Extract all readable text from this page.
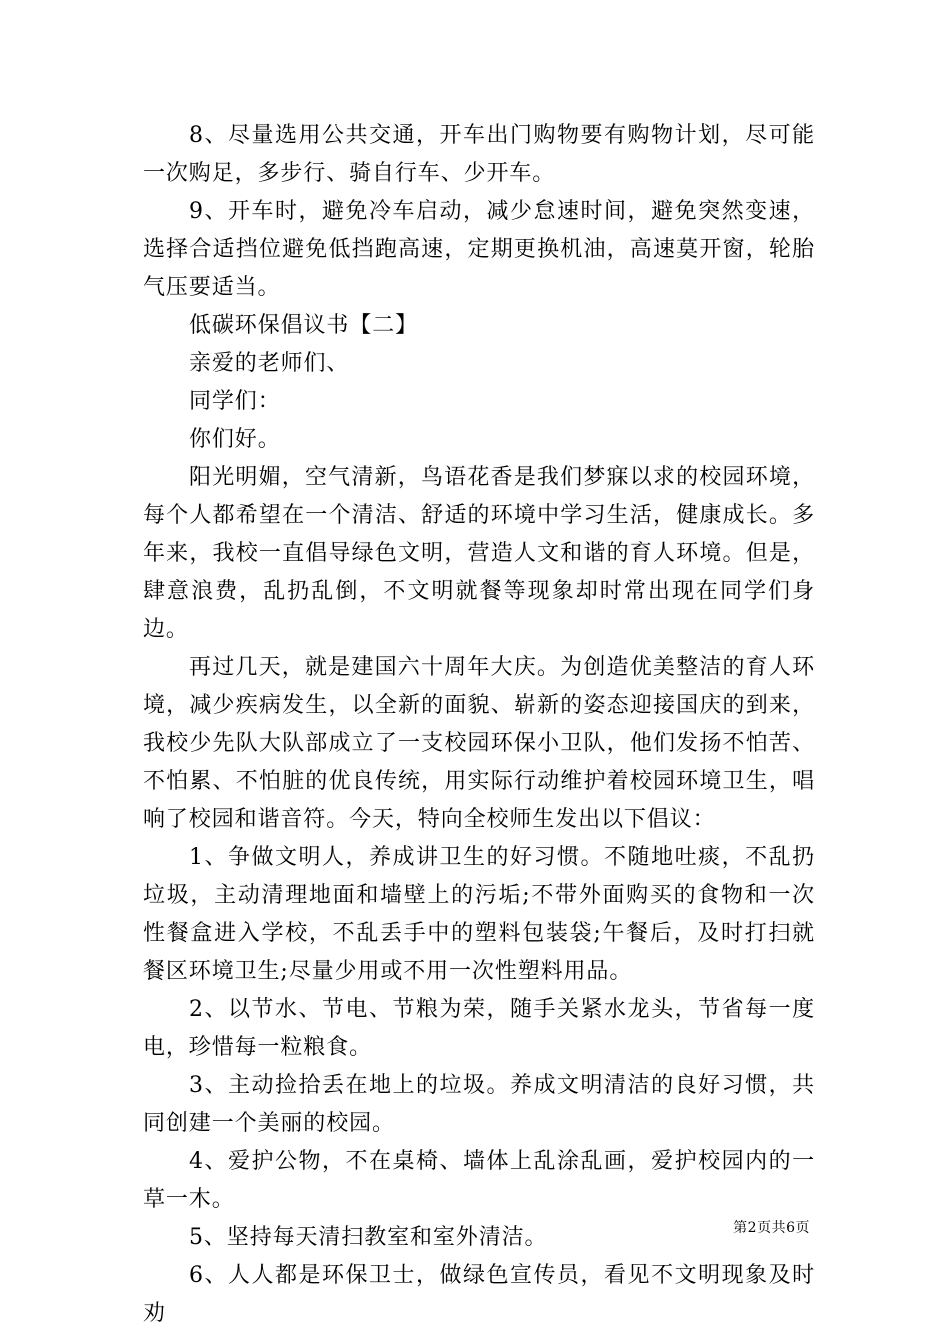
8、尽量选用公共交通，开车出门购物要有购物计划，尽可能一次购足，多步行、骑自行车、少开车。

9、开车时，避免冷车启动，减少怠速时间，避免突然变速，选择合适挡位避免低挡跑高速，定期更换机油，高速莫开窗，轮胎气压要适当。

低碳环保倡议书【二】

亲爱的老师们、

同学们：

你们好。

阳光明媚，空气清新，鸟语花香是我们梦寐以求的校园环境，每个人都希望在一个清洁、舒适的环境中学习生活，健康成长。多年来，我校一直倡导绿色文明，营造人文和谐的育人环境。但是，肆意浪费，乱扔乱倒，不文明就餐等现象却时常出现在同学们身边。

再过几天，就是建国六十周年大庆。为创造优美整洁的育人环境，减少疾病发生，以全新的面貌、崭新的姿态迎接国庆的到来，我校少先队大队部成立了一支校园环保小卫队，他们发扬不怕苦、不怕累、不怕脏的优良传统，用实际行动维护着校园环境卫生，唱响了校园和谐音符。今天，特向全校师生发出以下倡议：

1、争做文明人，养成讲卫生的好习惯。不随地吐痰，不乱扔垃圾，主动清理地面和墙壁上的污垢;不带外面购买的食物和一次性餐盒进入学校，不乱丢手中的塑料包装袋;午餐后，及时打扫就餐区环境卫生;尽量少用或不用一次性塑料用品。

2、以节水、节电、节粮为荣，随手关紧水龙头，节省每一度电，珍惜每一粒粮食。

3、主动捡拾丢在地上的垃圾。养成文明清洁的良好习惯，共同创建一个美丽的校园。

4、爱护公物，不在桌椅、墙体上乱涂乱画，爱护校园内的一草一木。

5、坚持每天清扫教室和室外清洁。

6、人人都是环保卫士，做绿色宣传员，看见不文明现象及时劝

第2页共6页
